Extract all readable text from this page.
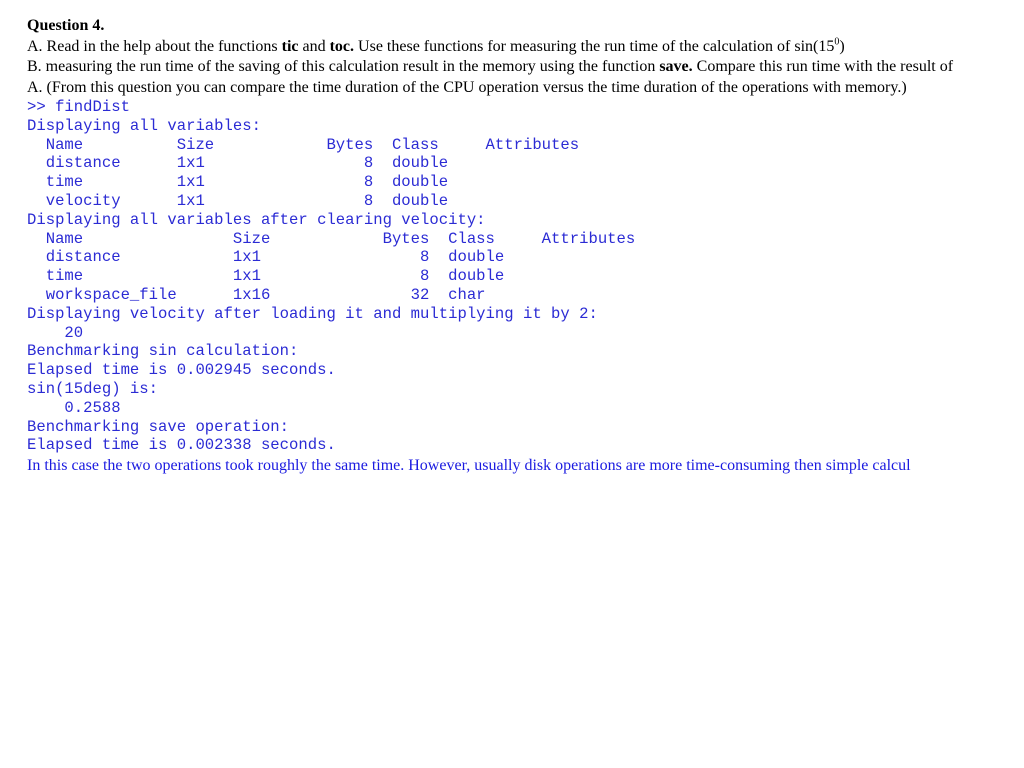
Question 4.
A. Read in the help about the functions tic and toc. Use these functions for measuring the run time of the calculation of $\sin(15^0)$
B. measuring the run time of the saving of this calculation result in the memory using the function save. Compare this run time with the result of A. (From this question you can compare the time duration of the CPU operation versus the time duration of the operations with memory.)
>> findDist
Displaying all variables:
Name          Size            Bytes  Class     Attributes
distance      1x1                 8  double
time          1x1                 8  double
velocity      1x1                 8  double
Displaying all variables after clearing velocity:
Name                Size            Bytes  Class     Attributes
distance            1x1                 8  double
time                1x1                 8  double
workspace_file      1x16               32  char
Displaying velocity after loading it and multiplying it by 2:
20
Benchmarking sin calculation:
Elapsed time is 0.002945 seconds.
sin(15deg) is:
0.2588
Benchmarking save operation:
Elapsed time is 0.002338 seconds.
In this case the two operations took roughly the same time. However, usually disk operations are more time-consuming then simple calcul
